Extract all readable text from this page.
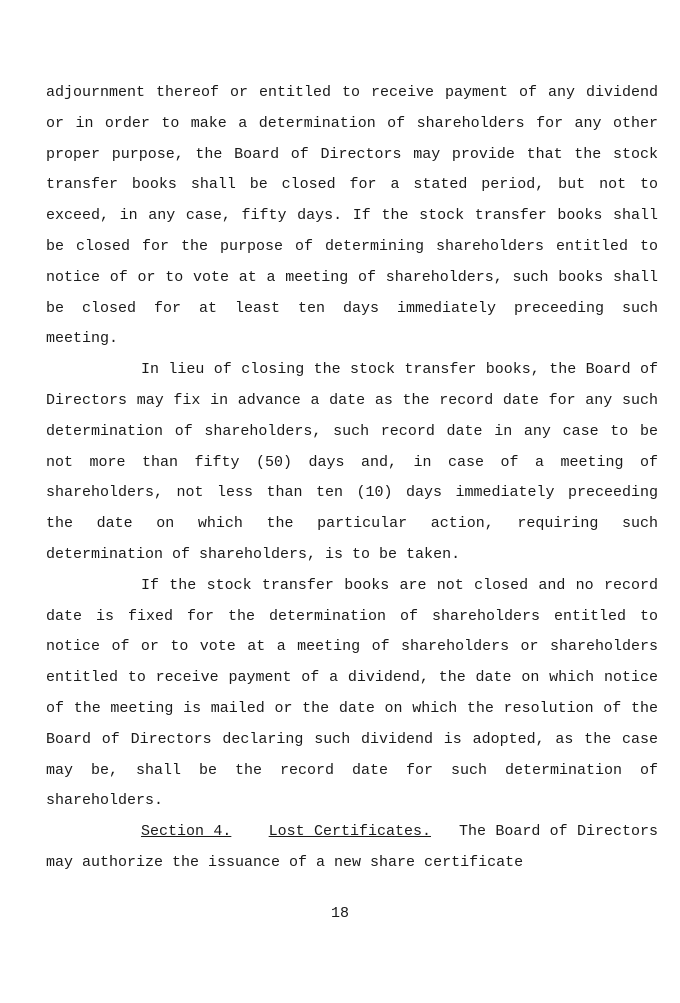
adjournment thereof or entitled to receive payment of any dividend or in order to make a determination of shareholders for any other proper purpose, the Board of Directors may provide that the stock transfer books shall be closed for a stated period, but not to exceed, in any case, fifty days. If the stock transfer books shall be closed for the purpose of determining shareholders entitled to notice of or to vote at a meeting of shareholders, such books shall be closed for at least ten days immediately preceeding such meeting.

In lieu of closing the stock transfer books, the Board of Directors may fix in advance a date as the record date for any such determination of shareholders, such record date in any case to be not more than fifty (50) days and, in case of a meeting of shareholders, not less than ten (10) days immediately preceeding the date on which the particular action, requiring such determination of shareholders, is to be taken.

If the stock transfer books are not closed and no record date is fixed for the determination of shareholders entitled to notice of or to vote at a meeting of shareholders or shareholders entitled to receive payment of a dividend, the date on which notice of the meeting is mailed or the date on which the resolution of the Board of Directors declaring such dividend is adopted, as the case may be, shall be the record date for such determination of shareholders.

Section 4. Lost Certificates. The Board of Directors may authorize the issuance of a new share certificate

18
